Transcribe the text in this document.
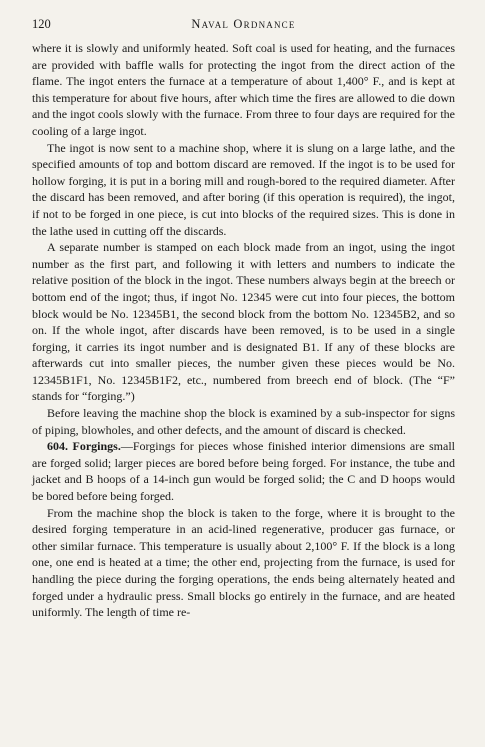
120	Naval Ordnance

where it is slowly and uniformly heated. Soft coal is used for heating, and the furnaces are provided with baffle walls for protecting the ingot from the direct action of the flame. The ingot enters the furnace at a temperature of about 1,400° F., and is kept at this temperature for about five hours, after which time the fires are allowed to die down and the ingot cools slowly with the furnace. From three to four days are required for the cooling of a large ingot.

The ingot is now sent to a machine shop, where it is slung on a large lathe, and the specified amounts of top and bottom discard are removed. If the ingot is to be used for hollow forging, it is put in a boring mill and rough-bored to the required diameter. After the discard has been removed, and after boring (if this operation is required), the ingot, if not to be forged in one piece, is cut into blocks of the required sizes. This is done in the lathe used in cutting off the discards.

A separate number is stamped on each block made from an ingot, using the ingot number as the first part, and following it with letters and numbers to indicate the relative position of the block in the ingot. These numbers always begin at the breech or bottom end of the ingot; thus, if ingot No. 12345 were cut into four pieces, the bottom block would be No. 12345B1, the second block from the bottom No. 12345B2, and so on. If the whole ingot, after discards have been removed, is to be used in a single forging, it carries its ingot number and is designated B1. If any of these blocks are afterwards cut into smaller pieces, the number given these pieces would be No. 12345B1F1, No. 12345B1F2, etc., numbered from breech end of block. (The “F” stands for “forging.”)

Before leaving the machine shop the block is examined by a sub-inspector for signs of piping, blowholes, and other defects, and the amount of discard is checked.

604. Forgings.—Forgings for pieces whose finished interior dimensions are small are forged solid; larger pieces are bored before being forged. For instance, the tube and jacket and B hoops of a 14-inch gun would be forged solid; the C and D hoops would be bored before being forged.

From the machine shop the block is taken to the forge, where it is brought to the desired forging temperature in an acid-lined regenerative, producer gas furnace, or other similar furnace. This temperature is usually about 2,100° F. If the block is a long one, one end is heated at a time; the other end, projecting from the furnace, is used for handling the piece during the forging operations, the ends being alternately heated and forged under a hydraulic press. Small blocks go entirely in the furnace, and are heated uniformly. The length of time re-
